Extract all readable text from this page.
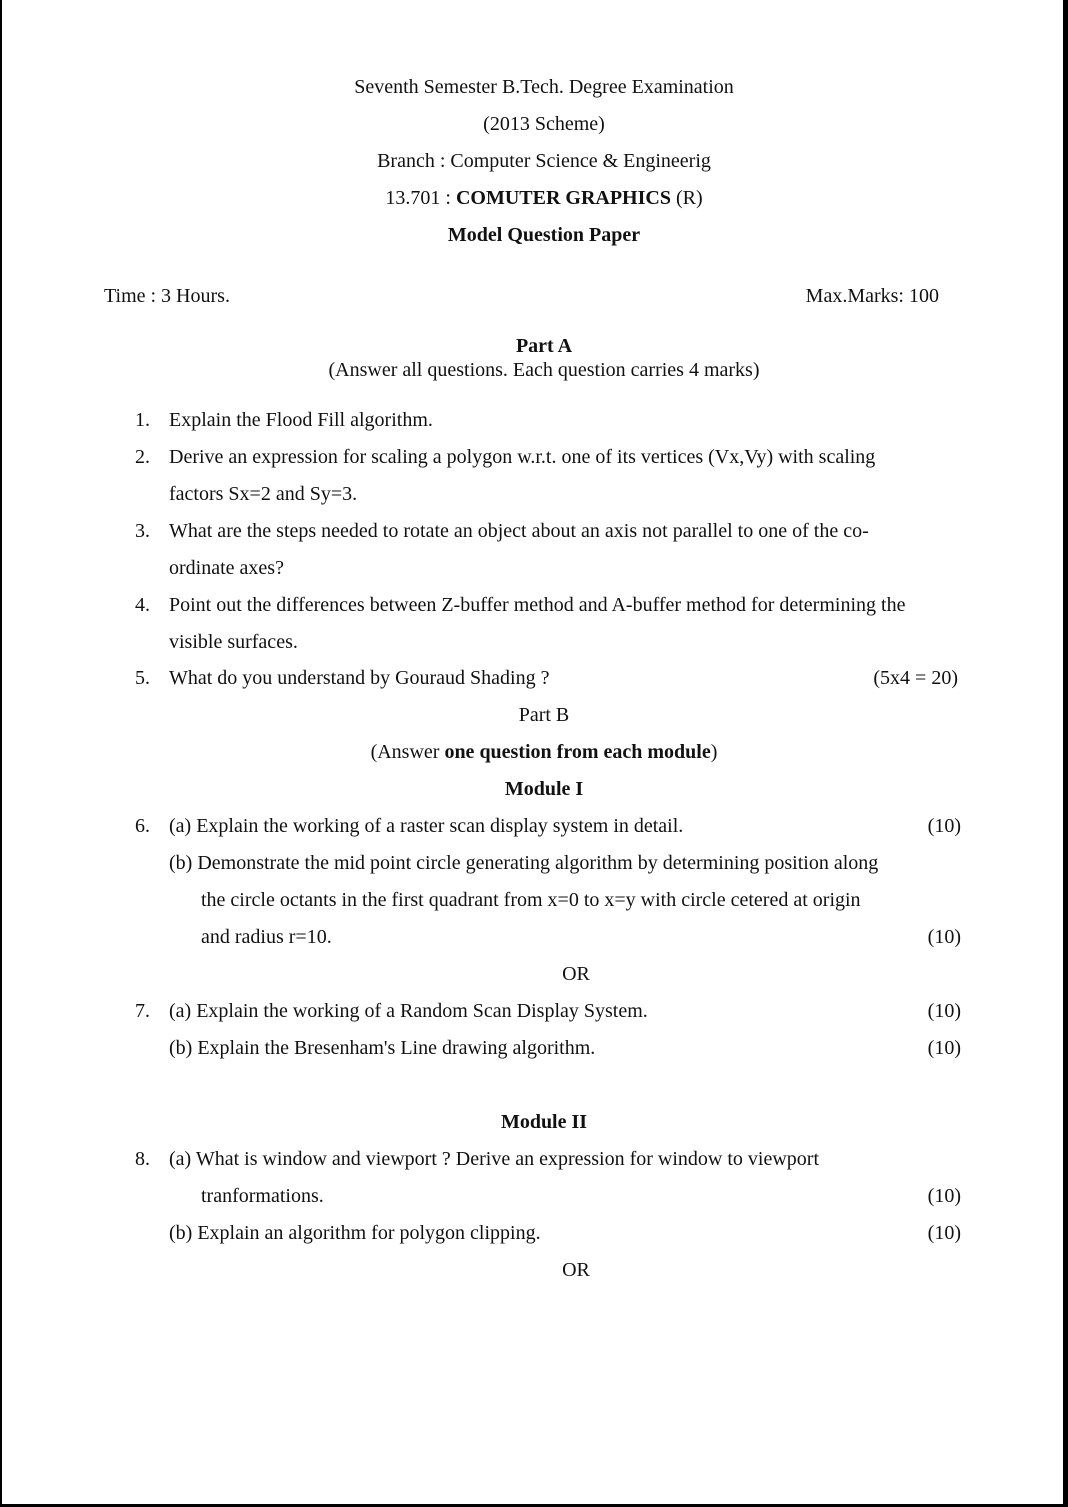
Seventh Semester B.Tech. Degree Examination
(2013 Scheme)
Branch : Computer Science & Engineerig
13.701 : COMUTER GRAPHICS (R)
Model Question Paper
Time : 3 Hours.	Max.Marks: 100
Part A
(Answer all questions. Each question carries 4 marks)
1. Explain the Flood Fill algorithm.
2. Derive an expression for scaling a polygon w.r.t. one of its vertices (Vx,Vy) with scaling
factors Sx=2 and Sy=3.
3. What are the steps needed to rotate an object about an axis not parallel to one of the co-
ordinate axes?
4. Point out the differences between Z-buffer method and A-buffer method for determining the
visible surfaces.
5. What do you understand by Gouraud Shading ?	(5x4 = 20)
Part B
(Answer one question from each module)
Module I
6. (a) Explain the working of a raster scan display system in detail.	(10)
(b) Demonstrate the mid point circle generating algorithm by determining position along
the circle octants in the first quadrant from x=0 to x=y with circle cetered at origin
and radius r=10.	(10)
OR
7. (a) Explain the working of a Random Scan Display System.	(10)
(b) Explain the Bresenham's Line drawing algorithm.	(10)
Module II
8. (a) What is window and viewport ? Derive an expression for window to viewport
tranformations.	(10)
(b) Explain an algorithm for polygon clipping.	(10)
OR
